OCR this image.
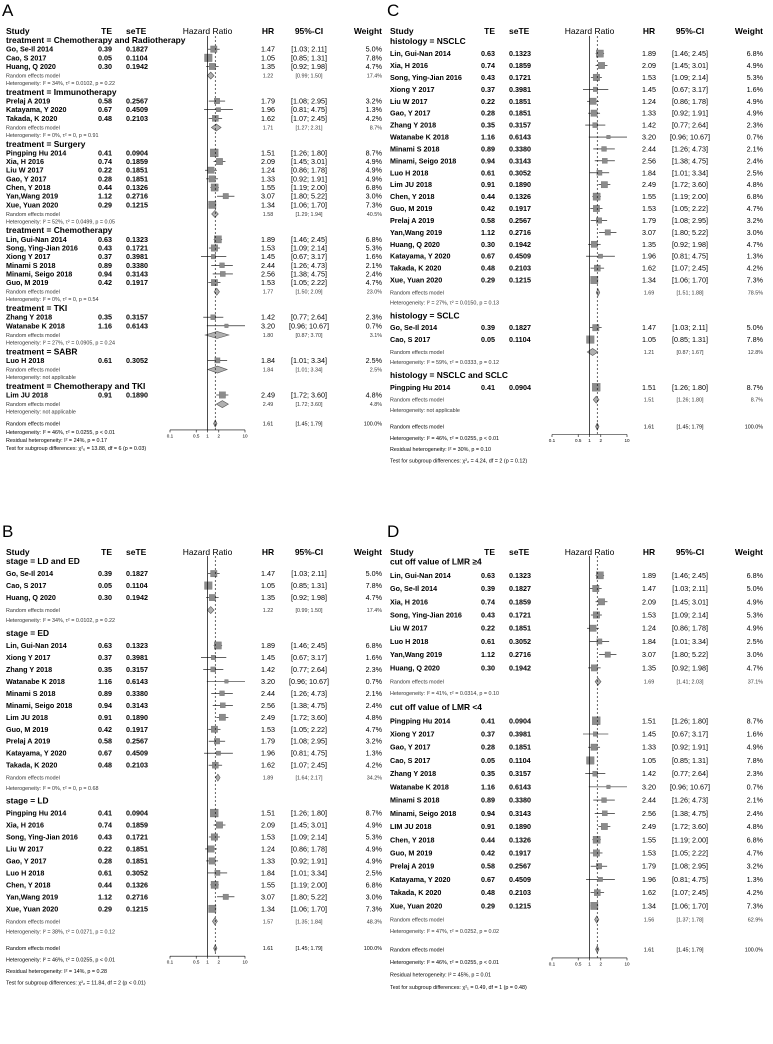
A
Study	TE seTE	Hazard Ratio	HR 95%-CI	Weight
treatment = Chemotherapy and Radiotherapy
Go, Se-Il 2014	0.39 0.1827	1.47 [1.03; 2.11]	5.0%
Cao, S 2017	0.05 0.1104	1.05 [0.85; 1.31]	7.8%
Huang, Q 2020	0.30 0.1942	1.35 [0.92; 1.98]	4.7%
Random effects model	1.22	[0.99; 1.50]	17.4%
Heterogeneity: I² = 34%, τ² = 0.0102, p = 0.22
treatment = Immunotherapy
Prelaj A 2019	0.58 0.2567	1.79 [1.08; 2.95]	3.2%
Katayama, Y 2020	0.67 0.4509	1.96 [0.81; 4.75]	1.3%
Takada, K 2020	0.48 0.2103	1.62 [1.07; 2.45]	4.2%
Random effects model	1.71	[1.27; 2.31]	8.7%
Heterogeneity: I² = 0%, τ² = 0, p = 0.91
treatment = Surgery
Pingping Hu 2014	0.41 0.0904	1.51 [1.26; 1.80]	8.7%
Xia, H 2016	0.74 0.1859	2.09 [1.45; 3.01]	4.9%
Liu W 2017	0.22 0.1851	1.24 [0.86; 1.78]	4.9%
Gao, Y 2017	0.28 0.1851	1.33 [0.92; 1.91]	4.9%
Chen, Y 2018	0.44 0.1326	1.55 [1.19; 2.00]	6.8%
Yan,Wang 2019	1.12 0.2716	3.07 [1.80; 5.22]	3.0%
Xue, Yuan 2020	0.29 0.1215	1.34 [1.06; 1.70]	7.3%
Random effects model	1.58	[1.29; 1.94]	40.5%
Heterogeneity: I² = 52%, τ² = 0.0499, p = 0.05
treatment = Chemotherapy
Lin, Gui-Nan 2014	0.63 0.1323	1.89 [1.46; 2.45]	6.8%
Song, Ying-Jian 2016	0.43 0.1721	1.53 [1.09; 2.14]	5.3%
Xiong Y 2017	0.37 0.3981	1.45 [0.67; 3.17]	1.6%
Minami S 2018	0.89 0.3380	2.44 [1.26; 4.73]	2.1%
Minami, Seigo 2018	0.94 0.3143	2.56 [1.38; 4.75]	2.4%
Guo, M 2019	0.42 0.1917	1.53 [1.05; 2.22]	4.7%
Random effects model	1.77	[1.50; 2.09]	23.0%
Heterogeneity: I² = 0%, τ² = 0, p = 0.54
treatment = TKI
Zhang Y 2018	0.35 0.3157	1.42 [0.77; 2.64]	2.3%
Watanabe K 2018	1.16 0.6143	3.20 [0.96; 10.67]	0.7%
Random effects model	1.80	[0.87; 3.70]	3.1%
Heterogeneity: I² = 27%, τ² = 0.0905, p = 0.24
treatment = SABR
Luo H 2018	0.61 0.3052	1.84 [1.01; 3.34]	2.5%
Random effects model	1.84	[1.01; 3.34]	2.5%
Heterogeneity: not applicable
treatment = Chemotherapy and TKI
Lim JU 2018	0.91 0.1890	2.49 [1.72; 3.60]	4.8%
Random effects model	2.49	[1.72; 3.60]	4.8%
Heterogeneity: not applicable
Random effects model	1.61	[1.45; 1.79]	100.0%
0.1	0.5 1 2	10
Heterogeneity: I² = 46%, τ² = 0.0255, p < 0.01
Residual heterogeneity: I² = 24%, p = 0.17
Test for subgroup differences: χ²₆ = 13.88, df = 6 (p = 0.03)
B
Study	TE seTE	Hazard Ratio	HR 95%-CI	Weight
stage = LD and ED
Go, Se-Il 2014	0.39 0.1827	1.47 [1.03; 2.11]	5.0%
Cao, S 2017	0.05 0.1104	1.05 [0.85; 1.31]	7.8%
Huang, Q 2020	0.30 0.1942	1.35 [0.92; 1.98]	4.7%
Random effects model	1.22	[0.99; 1.50]	17.4%
Heterogeneity: I² = 34%, τ² = 0.0102, p = 0.22
stage = ED
Lin, Gui-Nan 2014	0.63 0.1323	1.89 [1.46; 2.45]	6.8%
Xiong Y 2017	0.37 0.3981	1.45 [0.67; 3.17]	1.6%
Zhang Y 2018	0.35 0.3157	1.42 [0.77; 2.64]	2.3%
Watanabe K 2018	1.16 0.6143	3.20 [0.96; 10.67]	0.7%
Minami S 2018	0.89 0.3380	2.44 [1.26; 4.73]	2.1%
Minami, Seigo 2018	0.94 0.3143	2.56 [1.38; 4.75]	2.4%
Lim JU 2018	0.91 0.1890	2.49 [1.72; 3.60]	4.8%
Guo, M 2019	0.42 0.1917	1.53 [1.05; 2.22]	4.7%
Prelaj A 2019	0.58 0.2567	1.79 [1.08; 2.95]	3.2%
Katayama, Y 2020	0.67 0.4509	1.96 [0.81; 4.75]	1.3%
Takada, K 2020	0.48 0.2103	1.62 [1.07; 2.45]	4.2%
Random effects model	1.89	[1.64; 2.17]	34.2%
Heterogeneity: I² = 0%, τ² = 0, p = 0.68
stage = LD
Pingping Hu 2014	0.41 0.0904	1.51 [1.26; 1.80]	8.7%
Xia, H 2016	0.74 0.1859	2.09 [1.45; 3.01]	4.9%
Song, Ying-Jian 2016	0.43 0.1721	1.53 [1.09; 2.14]	5.3%
Liu W 2017	0.22 0.1851	1.24 [0.86; 1.78]	4.9%
Gao, Y 2017	0.28 0.1851	1.33 [0.92; 1.91]	4.9%
Luo H 2018	0.61 0.3052	1.84 [1.01; 3.34]	2.5%
Chen, Y 2018	0.44 0.1326	1.55 [1.19; 2.00]	6.8%
Yan,Wang 2019	1.12 0.2716	3.07 [1.80; 5.22]	3.0%
Xue, Yuan 2020	0.29 0.1215	1.34 [1.06; 1.70]	7.3%
Random effects model	1.57	[1.35; 1.84]	48.3%
Heterogeneity: I² = 38%, τ² = 0.0271, p = 0.12
Random effects model	1.61	[1.45; 1.79]	100.0%
0.1	0.5 1 2	10
Heterogeneity: I² = 46%, τ² = 0.0255, p < 0.01
Residual heterogeneity: I² = 14%, p = 0.28
Test for subgroup differences: χ²₂ = 11.84, df = 2 (p < 0.01)
C
Study	TE seTE	Hazard Ratio	HR 95%-CI	Weight
histology = NSCLC
Lin, Gui-Nan 2014	0.63 0.1323	1.89 [1.46; 2.45]	6.8%
Xia, H 2016	0.74 0.1859	2.09 [1.45; 3.01]	4.9%
Song, Ying-Jian 2016	0.43 0.1721	1.53 [1.09; 2.14]	5.3%
Xiong Y 2017	0.37 0.3981	1.45 [0.67; 3.17]	1.6%
Liu W 2017	0.22 0.1851	1.24 [0.86; 1.78]	4.9%
Gao, Y 2017	0.28 0.1851	1.33 [0.92; 1.91]	4.9%
Zhang Y 2018	0.35 0.3157	1.42 [0.77; 2.64]	2.3%
Watanabe K 2018	1.16 0.6143	3.20 [0.96; 10.67]	0.7%
Minami S 2018	0.89 0.3380	2.44 [1.26; 4.73]	2.1%
Minami, Seigo 2018	0.94 0.3143	2.56 [1.38; 4.75]	2.4%
Luo H 2018	0.61 0.3052	1.84 [1.01; 3.34]	2.5%
Lim JU 2018	0.91 0.1890	2.49 [1.72; 3.60]	4.8%
Chen, Y 2018	0.44 0.1326	1.55 [1.19; 2.00]	6.8%
Guo, M 2019	0.42 0.1917	1.53 [1.05; 2.22]	4.7%
Prelaj A 2019	0.58 0.2567	1.79 [1.08; 2.95]	3.2%
Yan,Wang 2019	1.12 0.2716	3.07 [1.80; 5.22]	3.0%
Huang, Q 2020	0.30 0.1942	1.35 [0.92; 1.98]	4.7%
Katayama, Y 2020	0.67 0.4509	1.96 [0.81; 4.75]	1.3%
Takada, K 2020	0.48 0.2103	1.62 [1.07; 2.45]	4.2%
Xue, Yuan 2020	0.29 0.1215	1.34 [1.06; 1.70]	7.3%
Random effects model	1.69	[1.51; 1.88]	78.5%
Heterogeneity: I² = 27%, τ² = 0.0150, p = 0.13
histology = SCLC
Go, Se-Il 2014	0.39 0.1827	1.47 [1.03; 2.11]	5.0%
Cao, S 2017	0.05 0.1104	1.05 [0.85; 1.31]	7.8%
Random effects model	1.21	[0.87; 1.67]	12.8%
Heterogeneity: I² = 59%, τ² = 0.0333, p = 0.12
histology = NSCLC and SCLC
Pingping Hu 2014	0.41 0.0904	1.51 [1.26; 1.80]	8.7%
Random effects model	1.51	[1.26; 1.80]	8.7%
Heterogeneity: not applicable
Random effects model	1.61	[1.45; 1.79]	100.0%
0.1	0.5 1 2	10
Heterogeneity: I² = 46%, τ² = 0.0255, p < 0.01
Residual heterogeneity: I² = 30%, p = 0.10
Test for subgroup differences: χ²₂ = 4.24, df = 2 (p = 0.12)
D
Study	TE seTE	Hazard Ratio	HR 95%-CI	Weight
cut off value of LMR ≥4
Lin, Gui-Nan 2014	0.63 0.1323	1.89 [1.46; 2.45]	6.8%
Go, Se-Il 2014	0.39 0.1827	1.47 [1.03; 2.11]	5.0%
Xia, H 2016	0.74 0.1859	2.09 [1.45; 3.01]	4.9%
Song, Ying-Jian 2016	0.43 0.1721	1.53 [1.09; 2.14]	5.3%
Liu W 2017	0.22 0.1851	1.24 [0.86; 1.78]	4.9%
Luo H 2018	0.61 0.3052	1.84 [1.01; 3.34]	2.5%
Yan,Wang 2019	1.12 0.2716	3.07 [1.80; 5.22]	3.0%
Huang, Q 2020	0.30 0.1942	1.35 [0.92; 1.98]	4.7%
Random effects model	1.69	[1.41; 2.03]	37.1%
Heterogeneity: I² = 41%, τ² = 0.0314, p = 0.10
cut off value of LMR <4
Pingping Hu 2014	0.41 0.0904	1.51 [1.26; 1.80]	8.7%
Xiong Y 2017	0.37 0.3981	1.45 [0.67; 3.17]	1.6%
Gao, Y 2017	0.28 0.1851	1.33 [0.92; 1.91]	4.9%
Cao, S 2017	0.05 0.1104	1.05 [0.85; 1.31]	7.8%
Zhang Y 2018	0.35 0.3157	1.42 [0.77; 2.64]	2.3%
Watanabe K 2018	1.16 0.6143	3.20 [0.96; 10.67]	0.7%
Minami S 2018	0.89 0.3380	2.44 [1.26; 4.73]	2.1%
Minami, Seigo 2018	0.94 0.3143	2.56 [1.38; 4.75]	2.4%
LIM JU 2018	0.91 0.1890	2.49 [1.72; 3.60]	4.8%
Chen, Y 2018	0.44 0.1326	1.55 [1.19; 2.00]	6.8%
Guo, M 2019	0.42 0.1917	1.53 [1.05; 2.22]	4.7%
Prelaj A 2019	0.58 0.2567	1.79 [1.08; 2.95]	3.2%
Katayama, Y 2020	0.67 0.4509	1.96 [0.81; 4.75]	1.3%
Takada, K 2020	0.48 0.2103	1.62 [1.07; 2.45]	4.2%
Xue, Yuan 2020	0.29 0.1215	1.34 [1.06; 1.70]	7.3%
Random effects model	1.56	[1.37; 1.78]	62.9%
Heterogeneity: I² = 47%, τ² = 0.0252, p = 0.02
Random effects model	1.61	[1.45; 1.79]	100.0%
0.1	0.5 1 2	10
Heterogeneity: I² = 46%, τ² = 0.0255, p < 0.01
Residual heterogeneity: I² = 45%, p = 0.01
Test for subgroup differences: χ²₁ = 0.49, df = 1 (p = 0.48)
